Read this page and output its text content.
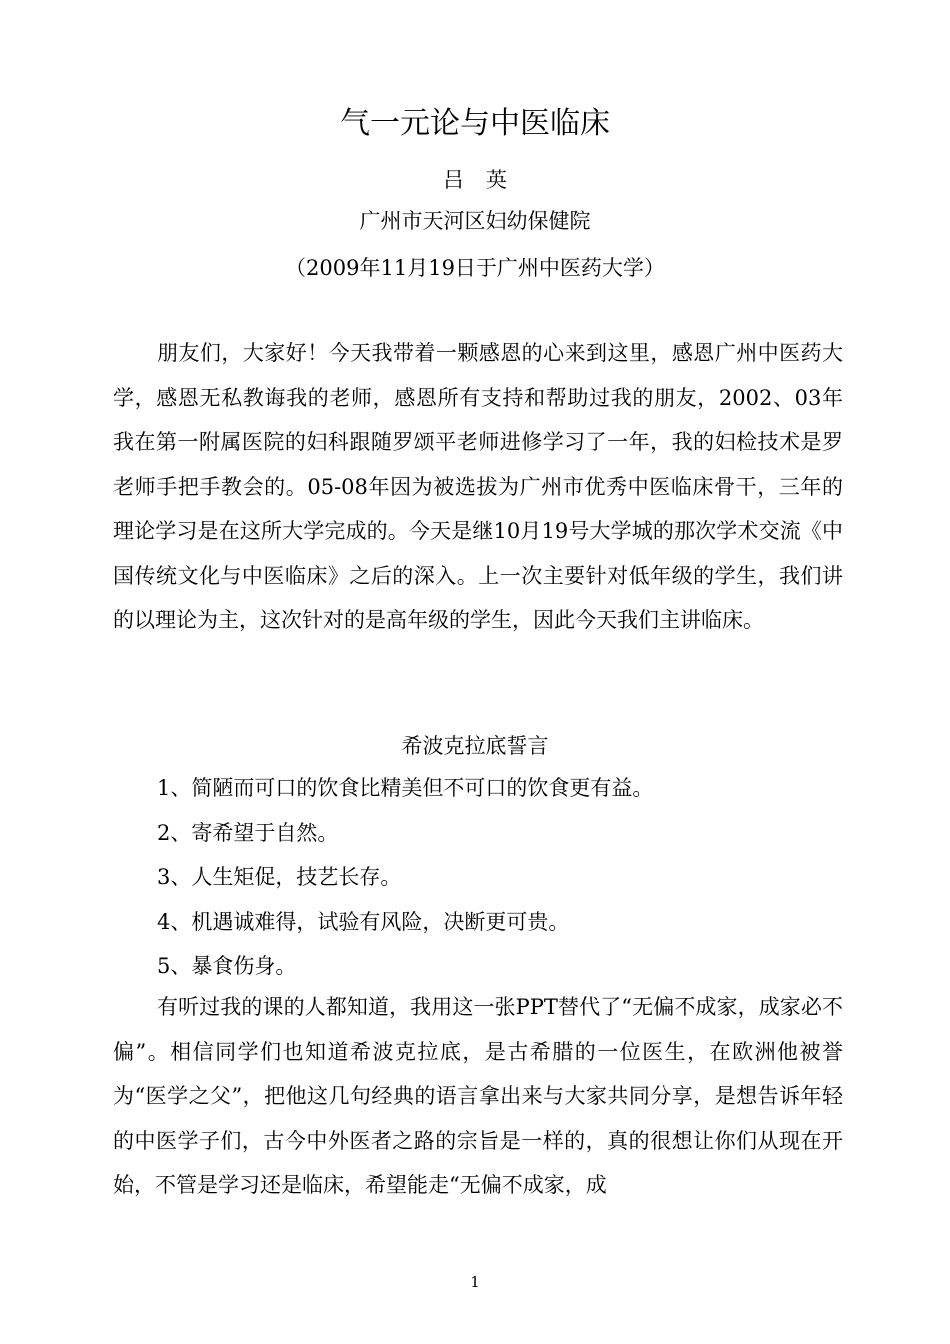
气一元论与中医临床
吕英
广州市天河区妇幼保健院
（2009年11月19日于广州中医药大学）

朋友们，大家好！今天我带着一颗感恩的心来到这里，感恩广州中医药大学，感恩无私教诲我的老师，感恩所有支持和帮助过我的朋友，2002、03年我在第一附属医院的妇科跟随罗颂平老师进修学习了一年，我的妇检技术是罗老师手把手教会的。05-08年因为被选拔为广州市优秀中医临床骨干，三年的理论学习是在这所大学完成的。今天是继10月19号大学城的那次学术交流《中国传统文化与中医临床》之后的深入。上一次主要针对低年级的学生，我们讲的以理论为主，这次针对的是高年级的学生，因此今天我们主讲临床。

希波克拉底誓言
1、简陋而可口的饮食比精美但不可口的饮食更有益。
2、寄希望于自然。
3、人生矩促，技艺长存。
4、机遇诚难得，试验有风险，决断更可贵。
5、暴食伤身。

有听过我的课的人都知道，我用这一张PPT替代了“无偏不成家，成家必不偏”。相信同学们也知道希波克拉底，是古希腊的一位医生，在欧洲他被誉为“医学之父”，把他这几句经典的语言拿出来与大家共同分享，是想告诉年轻的中医学子们，古今中外医者之路的宗旨是一样的，真的很想让你们从现在开始，不管是学习还是临床，希望能走“无偏不成家，成

1
